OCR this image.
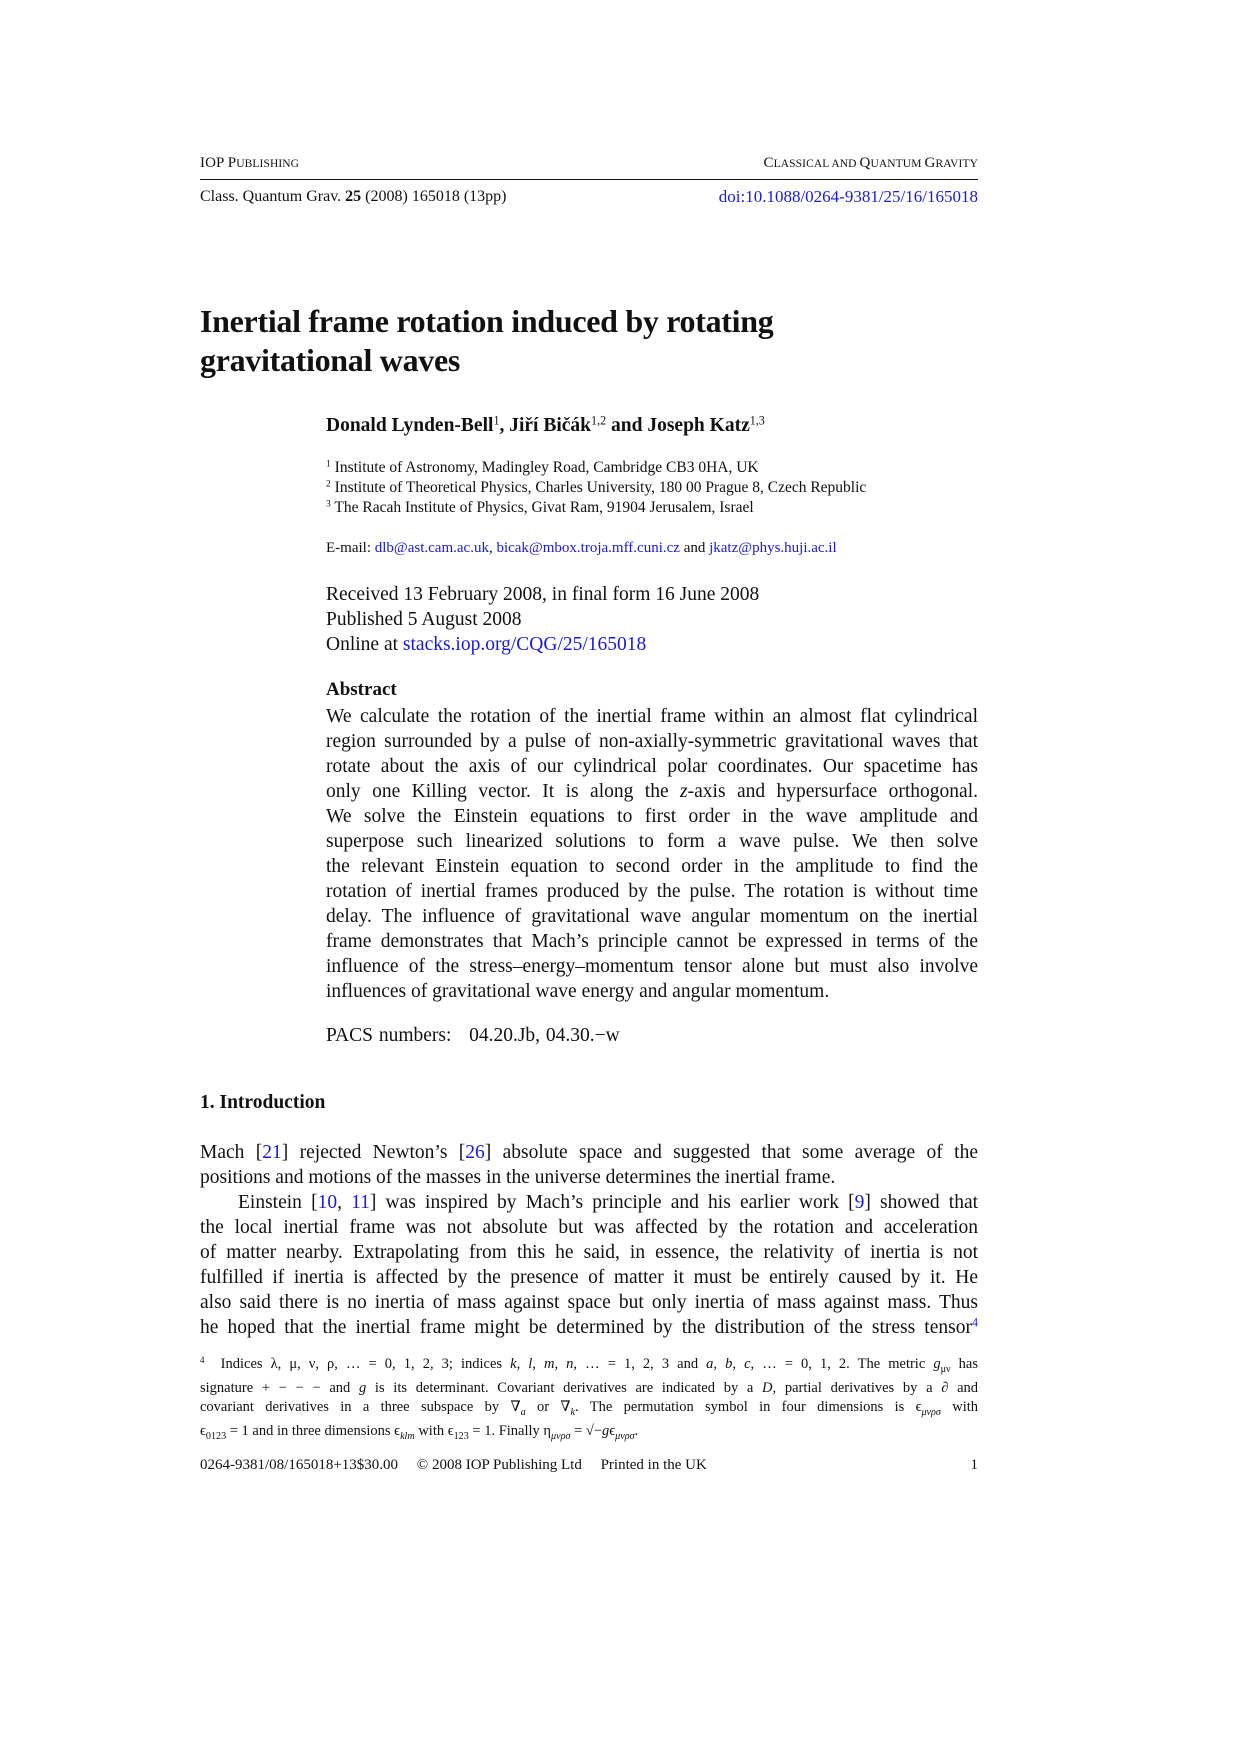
IOP PUBLISHING	CLASSICAL AND QUANTUM GRAVITY
Class. Quantum Grav. 25 (2008) 165018 (13pp)	doi:10.1088/0264-9381/25/16/165018
Inertial frame rotation induced by rotating
gravitational waves
Donald Lynden-Bell$^1$, Jiří Bičák$^{1,2}$ and Joseph Katz$^{1,3}$
$^1$ Institute of Astronomy, Madingley Road, Cambridge CB3 0HA, UK
$^2$ Institute of Theoretical Physics, Charles University, 180 00 Prague 8, Czech Republic
$^3$ The Racah Institute of Physics, Givat Ram, 91904 Jerusalem, Israel
E-mail: dlb@ast.cam.ac.uk, bicak@mbox.troja.mff.cuni.cz and jkatz@phys.huji.ac.il
Received 13 February 2008, in final form 16 June 2008
Published 5 August 2008
Online at stacks.iop.org/CQG/25/165018
Abstract
We calculate the rotation of the inertial frame within an almost flat cylindrical
region surrounded by a pulse of non-axially-symmetric gravitational waves that
rotate about the axis of our cylindrical polar coordinates. Our spacetime has
only one Killing vector. It is along the z-axis and hypersurface orthogonal.
We solve the Einstein equations to first order in the wave amplitude and
superpose such linearized solutions to form a wave pulse. We then solve
the relevant Einstein equation to second order in the amplitude to find the
rotation of inertial frames produced by the pulse. The rotation is without time
delay. The influence of gravitational wave angular momentum on the inertial
frame demonstrates that Mach’s principle cannot be expressed in terms of the
influence of the stress–energy–momentum tensor alone but must also involve
influences of gravitational wave energy and angular momentum.
PACS numbers: 04.20.Jb, 04.30.−w
1. Introduction
Mach [21] rejected Newton’s [26] absolute space and suggested that some average of the
positions and motions of the masses in the universe determines the inertial frame.
Einstein [10, 11] was inspired by Mach’s principle and his earlier work [9] showed that
the local inertial frame was not absolute but was affected by the rotation and acceleration
of matter nearby. Extrapolating from this he said, in essence, the relativity of inertia is not
fulfilled if inertia is affected by the presence of matter it must be entirely caused by it. He
also said there is no inertia of mass against space but only inertia of mass against mass. Thus
he hoped that the inertial frame might be determined by the distribution of the stress tensor$^4$
$^4$ Indices λ, μ, ν, ρ, … = 0, 1, 2, 3; indices k, l, m, n, … = 1, 2, 3 and a, b, c, … = 0, 1, 2. The metric $g_{\mu\nu}$ has
signature + − − − and g is its determinant. Covariant derivatives are indicated by a D, partial derivatives by a ∂ and
covariant derivatives in a three subspace by $\nabla_a$ or $\nabla_k$. The permutation symbol in four dimensions is $\epsilon_{\mu\nu\rho\sigma}$ with
$\epsilon_{0123} = 1$ and in three dimensions $\epsilon_{klm}$ with $\epsilon_{123} = 1$. Finally $\eta_{\mu\nu\rho\sigma} = √-g\epsilon_{\mu\nu\rho\sigma}$.
0264-9381/08/165018+13$30.00 © 2008 IOP Publishing Ltd Printed in the UK	1
